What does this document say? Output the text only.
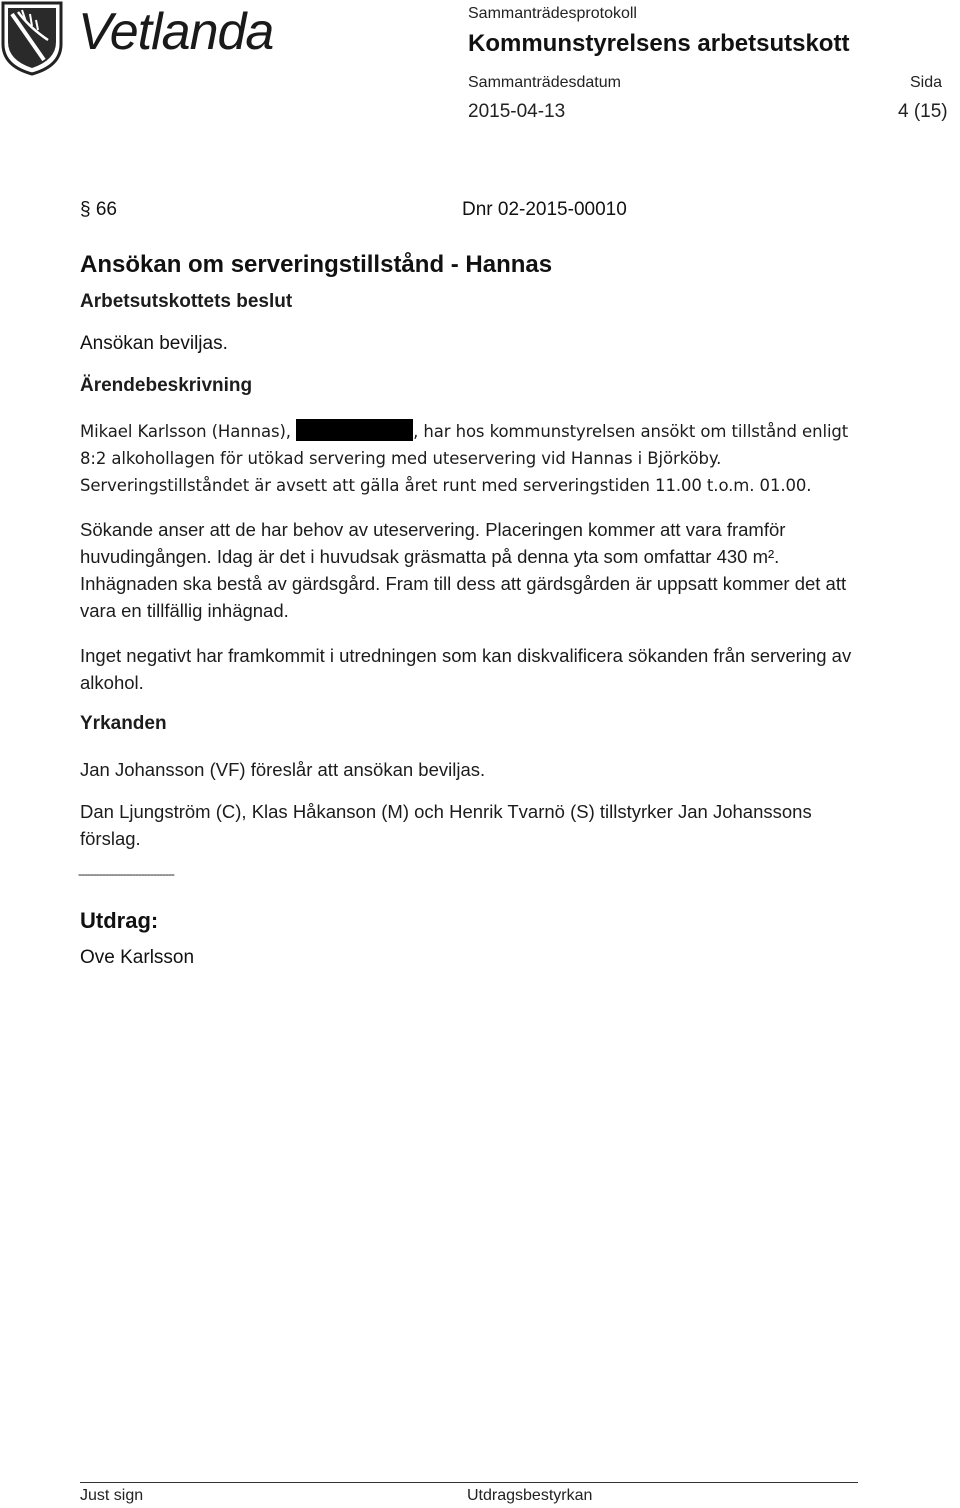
Vetlanda	Sammanträdesprotokoll
Kommunstyrelsens arbetsutskott
Sammanträdesdatum	Sida
2015-04-13	4 (15)
§ 66	Dnr 02-2015-00010
Ansökan om serveringstillstånd - Hannas
Arbetsutskottets beslut
Ansökan beviljas.
Ärendebeskrivning

Mikael Karlsson (Hannas),	, har hos kommunstyrelsen ansökt om tillstånd enligt 8:2 alkohollagen för utökad servering med uteservering vid Hannas i Björköby. Serveringstillståndet är avsett att gälla året runt med serveringstiden 11.00 t.o.m. 01.00.

Sökande anser att de har behov av uteservering. Placeringen kommer att vara framför huvudingången. Idag är det i huvudsak gräsmatta på denna yta som omfattar 430 m². Inhägnaden ska bestå av gärdsgård. Fram till dess att gärdsgården är uppsatt kommer det att vara en tillfällig inhägnad.

Inget negativt har framkommit i utredningen som kan diskvalificera sökanden från servering av alkohol.

Yrkanden

Jan Johansson (VF) föreslår att ansökan beviljas.

Dan Ljungström (C), Klas Håkanson (M) och Henrik Tvarnö (S) tillstyrker Jan Johanssons förslag.

--------------------------------
Utdrag:
Ove Karlsson
Just sign	Utdragsbestyrkan
